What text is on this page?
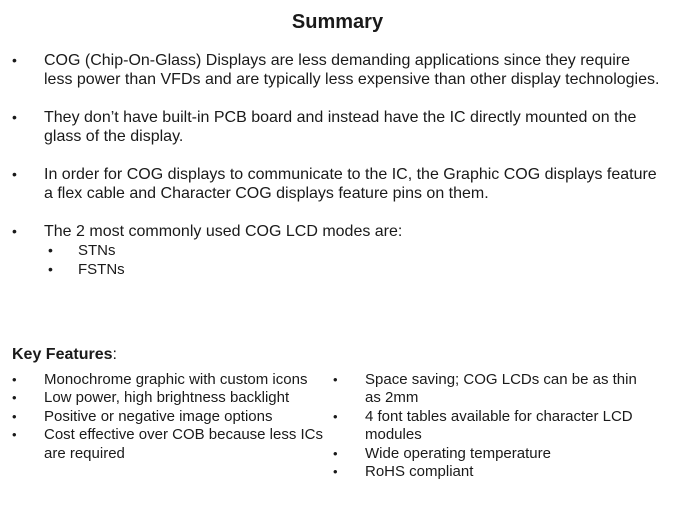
Summary
•	COG (Chip-On-Glass) Displays are less demanding applications since they require less power than VFDs and are typically less expensive than other display technologies.
•	They don’t have built-in PCB board and instead have the IC directly mounted on the glass of the display.
•	In order for COG displays to communicate to the IC, the Graphic COG displays feature a flex cable and Character COG displays feature pins on them.
•	The 2 most commonly used COG LCD modes are:
• STNs
• FSTNs
Key Features:
• Monochrome graphic with custom icons
• Low power, high brightness backlight
• Positive or negative image options
• Cost effective over COB because less ICs are required
• Space saving; COG LCDs can be as thin as 2mm
• 4 font tables available for character LCD modules
• Wide operating temperature
• RoHS compliant
